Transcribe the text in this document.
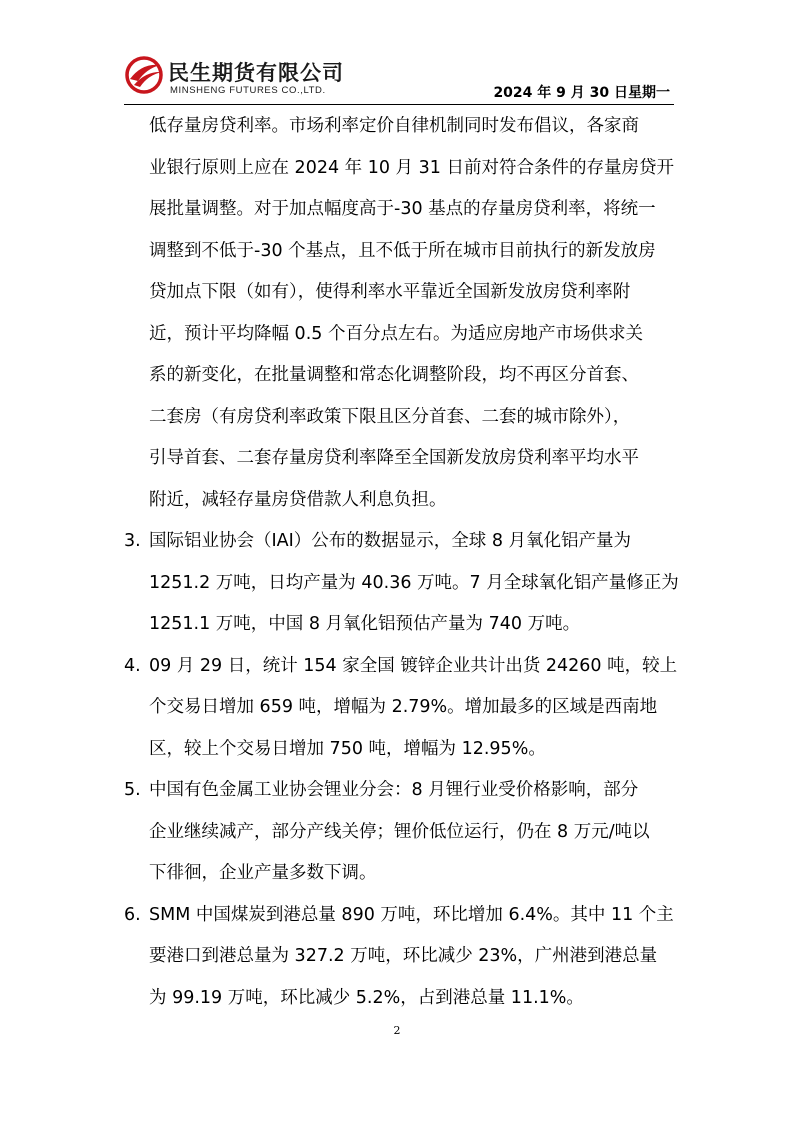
民生期货有限公司
MINSHENG FUTURES CO.,LTD.	2024 年 9 月 30 日星期一
低存量房贷利率。市场利率定价自律机制同时发布倡议，各家商
业银行原则上应在 2024 年 10 月 31 日前对符合条件的存量房贷开
展批量调整。对于加点幅度高于-30 基点的存量房贷利率，将统一
调整到不低于-30 个基点，且不低于所在城市目前执行的新发放房
贷加点下限（如有），使得利率水平靠近全国新发放房贷利率附
近，预计平均降幅 0.5 个百分点左右。为适应房地产市场供求关
系的新变化，在批量调整和常态化调整阶段，均不再区分首套、
二套房（有房贷利率政策下限且区分首套、二套的城市除外），
引导首套、二套存量房贷利率降至全国新发放房贷利率平均水平
附近，减轻存量房贷借款人利息负担。
3. 国际铝业协会（IAI）公布的数据显示，全球 8 月氧化铝产量为
1251.2 万吨，日均产量为 40.36 万吨。7 月全球氧化铝产量修正为
1251.1 万吨，中国 8 月氧化铝预估产量为 740 万吨。
4. 09 月 29 日，统计 154 家全国 镀锌企业共计出货 24260 吨，较上
个交易日增加 659 吨，增幅为 2.79%。增加最多的区域是西南地
区，较上个交易日增加 750 吨，增幅为 12.95%。
5. 中国有色金属工业协会锂业分会：8 月锂行业受价格影响，部分
企业继续减产，部分产线关停；锂价低位运行，仍在 8 万元/吨以
下徘徊，企业产量多数下调。
6. SMM 中国煤炭到港总量 890 万吨，环比增加 6.4%。其中 11 个主
要港口到港总量为 327.2 万吨，环比减少 23%，广州港到港总量
为 99.19 万吨，环比减少 5.2%，占到港总量 11.1%。
2
